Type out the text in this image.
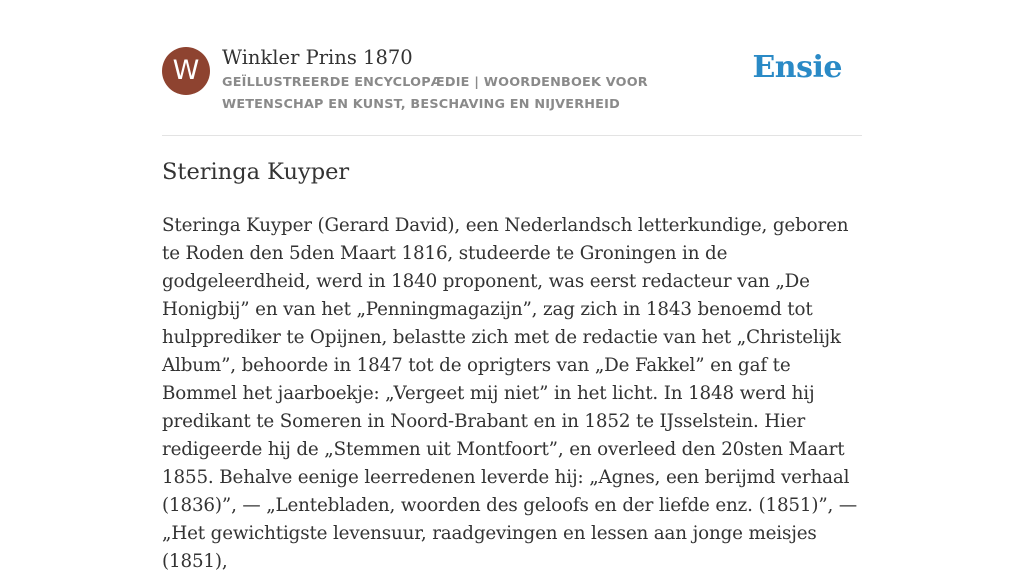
W	Winkler Prins 1870
GEÏLLUSTREERDE ENCYCLOPÆDIE | WOORDENBOEK VOOR WETENSCHAP EN KUNST, BESCHAVING EN NIJVERHEID
Ensie
Steringa Kuyper

Steringa Kuyper (Gerard David), een Nederlandsch letterkundige, geboren te Roden den 5den Maart 1816, studeerde te Groningen in de godgeleerdheid, werd in 1840 proponent, was eerst redacteur van „De Honigbij” en van het „Penningmagazijn”, zag zich in 1843 benoemd tot hulpprediker te Opijnen, belastte zich met de redactie van het „Christelijk Album”, behoorde in 1847 tot de oprigters van „De Fakkel” en gaf te Bommel het jaarboekje: „Vergeet mij niet” in het licht. In 1848 werd hij predikant te Someren in Noord-Brabant en in 1852 te IJsselstein. Hier redigeerde hij de „Stemmen uit Montfoort”, en overleed den 20sten Maart 1855. Behalve eenige leerredenen leverde hij: „Agnes, een berijmd verhaal (1836)”, — „Lentebladen, woorden des geloofs en der liefde enz. (1851)”, — „Het gewichtigste levensuur, raadgevingen en lessen aan jonge meisjes (1851),
